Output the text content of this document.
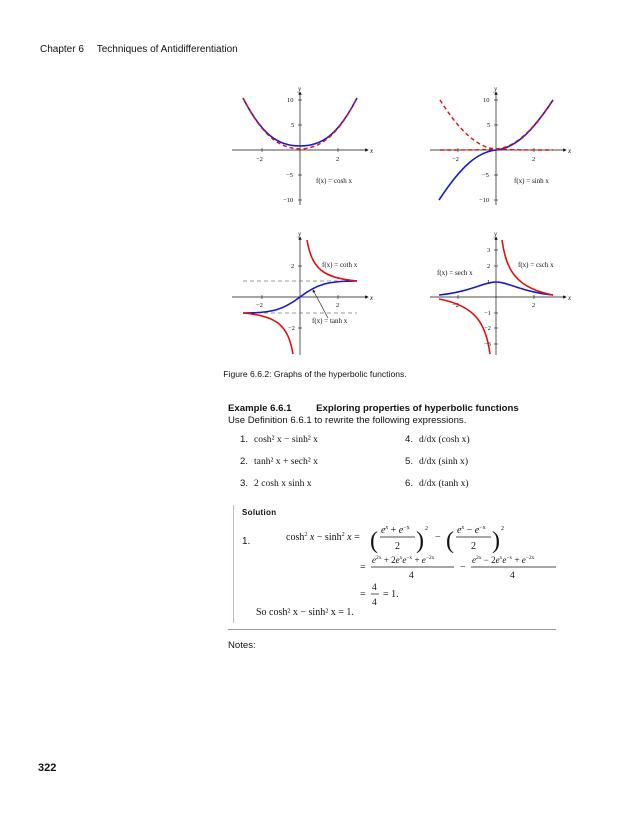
Chapter 6 Techniques of Antidifferentiation
x
y
10
5
−5
−10
−2	2
f(x) = cosh x
x
y
10
5
−5
−10
−2	2
f(x) = sinh x
x
y
2
−2
−2	2
f(x) = coth x
f(x) = tanh x
x
y
3
2
1
−1
−2
−3
−2	2
f(x) = sech x
f(x) = csch x
Figure 6.6.2: Graphs of the hyperbolic functions.
Example 6.6.1	Exploring properties of hyperbolic functions
Use Definition 6.6.1 to rewrite the following expressions.
1. cosh² x − sinh² x
2. tanh² x + sech² x
3. 2 cosh x sinh x
4. d/dx (cosh x)
5. d/dx (sinh x)
6. d/dx (tanh x)
Solution
1.	$\cosh^2 x - \sinh^2 x$ = ( $e^x + e^{-x}$
2 ) 2
− ( $e^x - e^{-x}$
2 ) 2
=
$e^{2x} + 2e^xe^{-x} + e^{-2x}$
4
−
$e^{2x} - 2e^xe^{-x} + e^{-2x}$
4
=
4
4
= 1.
So cosh² x − sinh² x = 1.
Notes:
322
